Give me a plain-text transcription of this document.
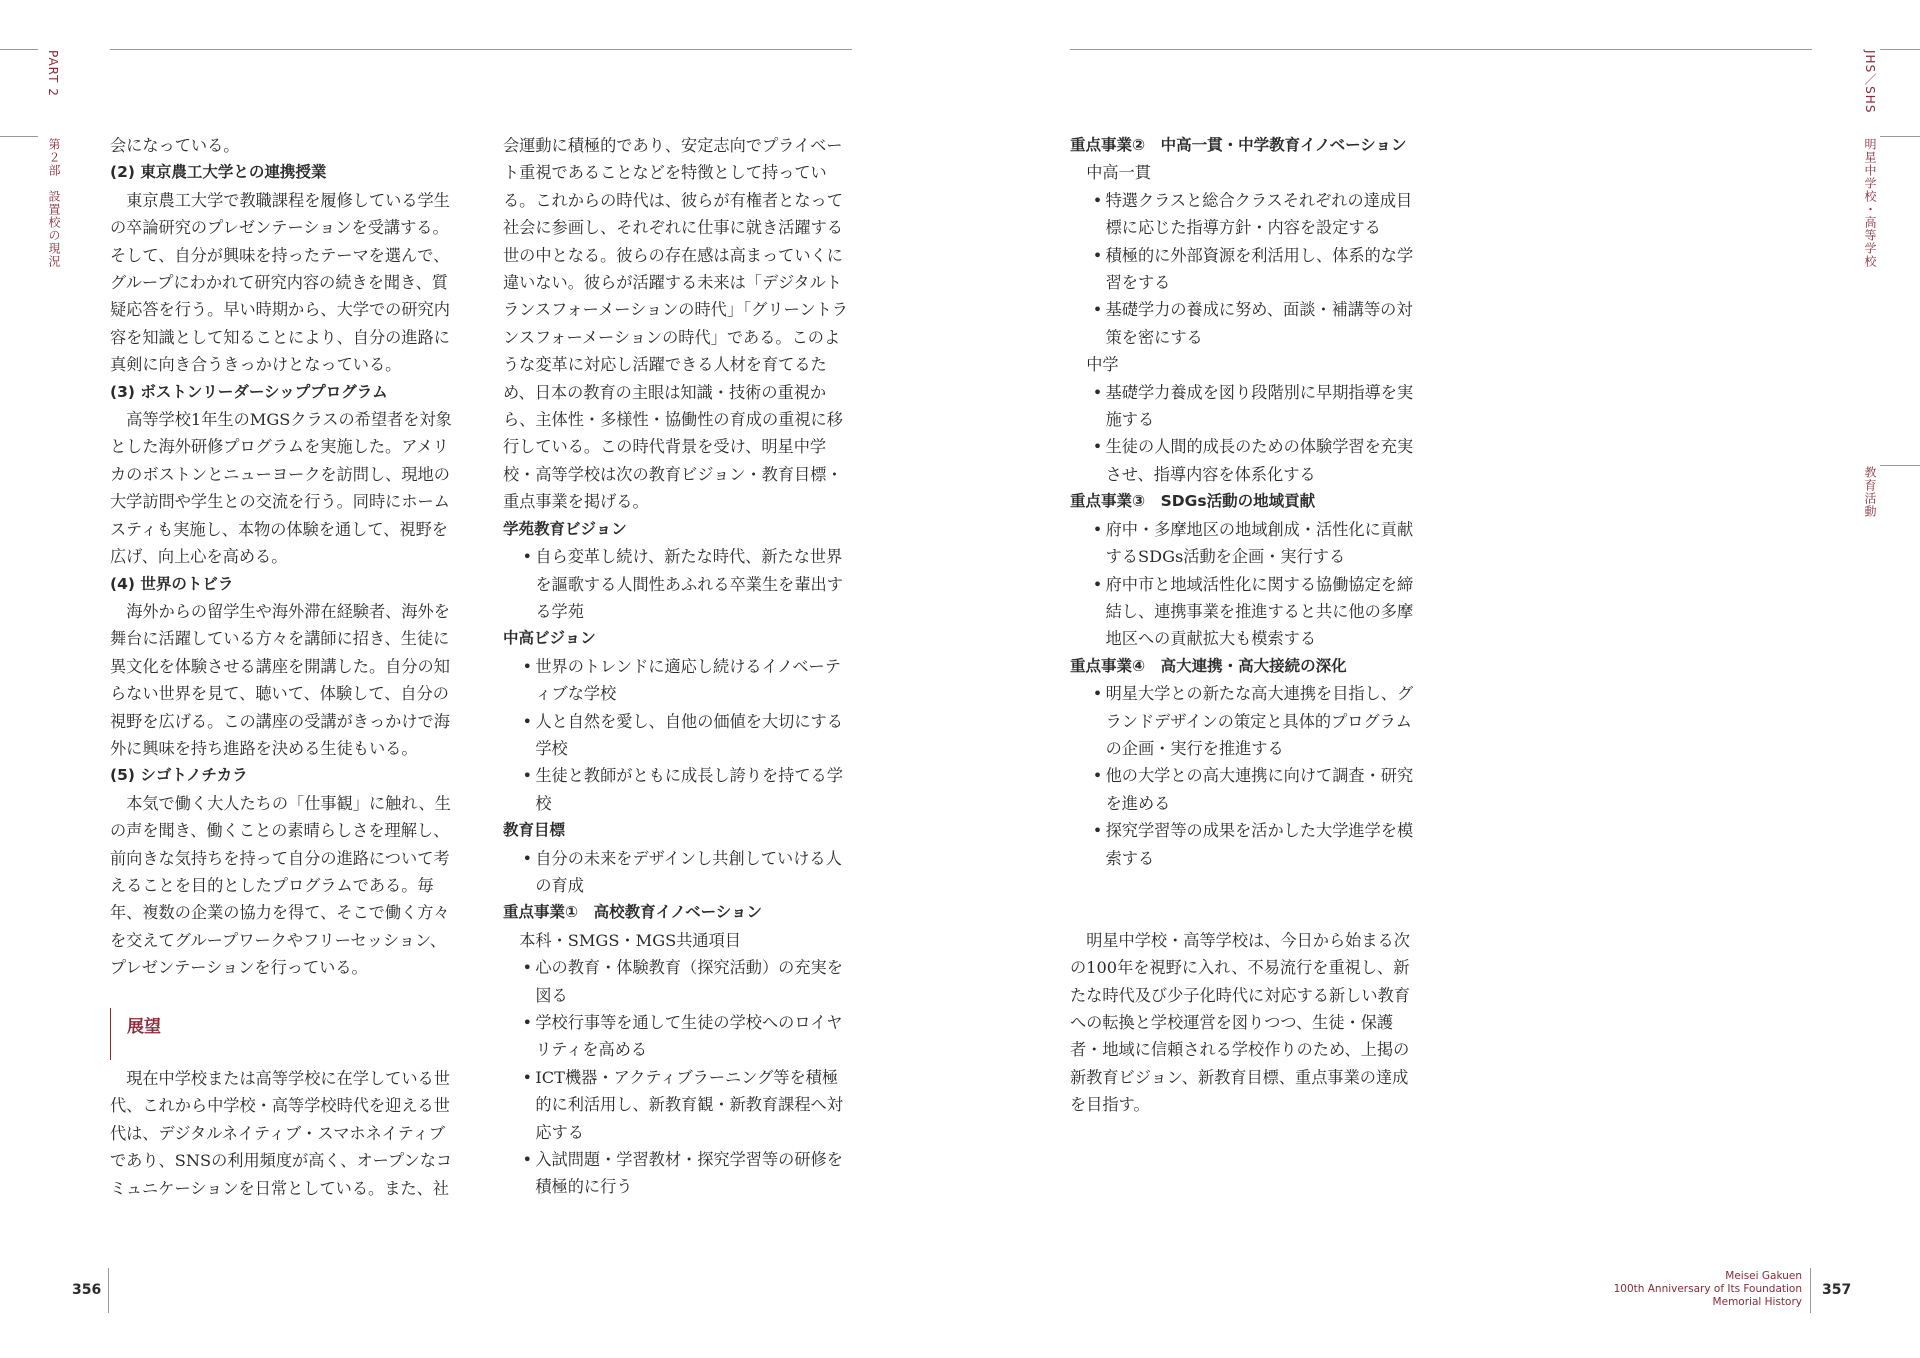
PART 2
第２部　設置校の現況
JHS／SHS
明星中学校・高等学校
教育活動

会になっている。

(2) 東京農工大学との連携授業

東京農工大学で教職課程を履修している学生の卒論研究のプレゼンテーションを受講する。そして、自分が興味を持ったテーマを選んで、グループにわかれて研究内容の続きを聞き、質疑応答を行う。早い時期から、大学での研究内容を知識として知ることにより、自分の進路に真剣に向き合うきっかけとなっている。

(3) ボストンリーダーシッププログラム

高等学校1年生のMGSクラスの希望者を対象とした海外研修プログラムを実施した。アメリカのボストンとニューヨークを訪問し、現地の大学訪問や学生との交流を行う。同時にホームスティも実施し、本物の体験を通して、視野を広げ、向上心を高める。

(4) 世界のトビラ

海外からの留学生や海外滞在経験者、海外を舞台に活躍している方々を講師に招き、生徒に異文化を体験させる講座を開講した。自分の知らない世界を見て、聴いて、体験して、自分の視野を広げる。この講座の受講がきっかけで海外に興味を持ち進路を決める生徒もいる。

(5) シゴトノチカラ

本気で働く大人たちの「仕事観」に触れ、生の声を聞き、働くことの素晴らしさを理解し、前向きな気持ちを持って自分の進路について考えることを目的としたプログラムである。毎年、複数の企業の協力を得て、そこで働く方々を交えてグループワークやフリーセッション、プレゼンテーションを行っている。

展望

現在中学校または高等学校に在学している世代、これから中学校・高等学校時代を迎える世代は、デジタルネイティブ・スマホネイティブであり、SNSの利用頻度が高く、オープンなコミュニケーションを日常としている。また、社

会運動に積極的であり、安定志向でプライベート重視であることなどを特徴として持っている。これからの時代は、彼らが有権者となって社会に参画し、それぞれに仕事に就き活躍する世の中となる。彼らの存在感は高まっていくに違いない。彼らが活躍する未来は「デジタルトランスフォーメーションの時代」「グリーントランスフォーメーションの時代」である。このような変革に対応し活躍できる人材を育てるため、日本の教育の主眼は知識・技術の重視から、主体性・多様性・協働性の育成の重視に移行している。この時代背景を受け、明星中学校・高等学校は次の教育ビジョン・教育目標・重点事業を掲げる。

学苑教育ビジョン

• 自ら変革し続け、新たな時代、新たな世界を謳歌する人間性あふれる卒業生を輩出する学苑

中高ビジョン

• 世界のトレンドに適応し続けるイノベーティブな学校
• 人と自然を愛し、自他の価値を大切にする学校
• 生徒と教師がともに成長し誇りを持てる学校

教育目標

• 自分の未来をデザインし共創していける人の育成

重点事業①　高校教育イノベーション

本科・SMGS・MGS共通項目

• 心の教育・体験教育（探究活動）の充実を図る
• 学校行事等を通して生徒の学校へのロイヤリティを高める
• ICT機器・アクティブラーニング等を積極的に利活用し、新教育観・新教育課程へ対応する
• 入試問題・学習教材・探究学習等の研修を積極的に行う

重点事業②　中高一貫・中学教育イノベーション

中高一貫

• 特選クラスと総合クラスそれぞれの達成目標に応じた指導方針・内容を設定する
• 積極的に外部資源を利活用し、体系的な学習をする
• 基礎学力の養成に努め、面談・補講等の対策を密にする

中学

• 基礎学力養成を図り段階別に早期指導を実施する
• 生徒の人間的成長のための体験学習を充実させ、指導内容を体系化する

重点事業③　SDGs活動の地域貢献

• 府中・多摩地区の地域創成・活性化に貢献するSDGs活動を企画・実行する
• 府中市と地域活性化に関する協働協定を締結し、連携事業を推進すると共に他の多摩地区への貢献拡大も模索する

重点事業④　高大連携・高大接続の深化

• 明星大学との新たな高大連携を目指し、グランドデザインの策定と具体的プログラムの企画・実行を推進する
• 他の大学との高大連携に向けて調査・研究を進める
• 探究学習等の成果を活かした大学進学を模索する

明星中学校・高等学校は、今日から始まる次の100年を視野に入れ、不易流行を重視し、新たな時代及び少子化時代に対応する新しい教育への転換と学校運営を図りつつ、生徒・保護者・地域に信頼される学校作りのため、上掲の新教育ビジョン、新教育目標、重点事業の達成を目指す。

356
Meisei Gakuen
100th Anniversary of Its Foundation
Memorial History
357
